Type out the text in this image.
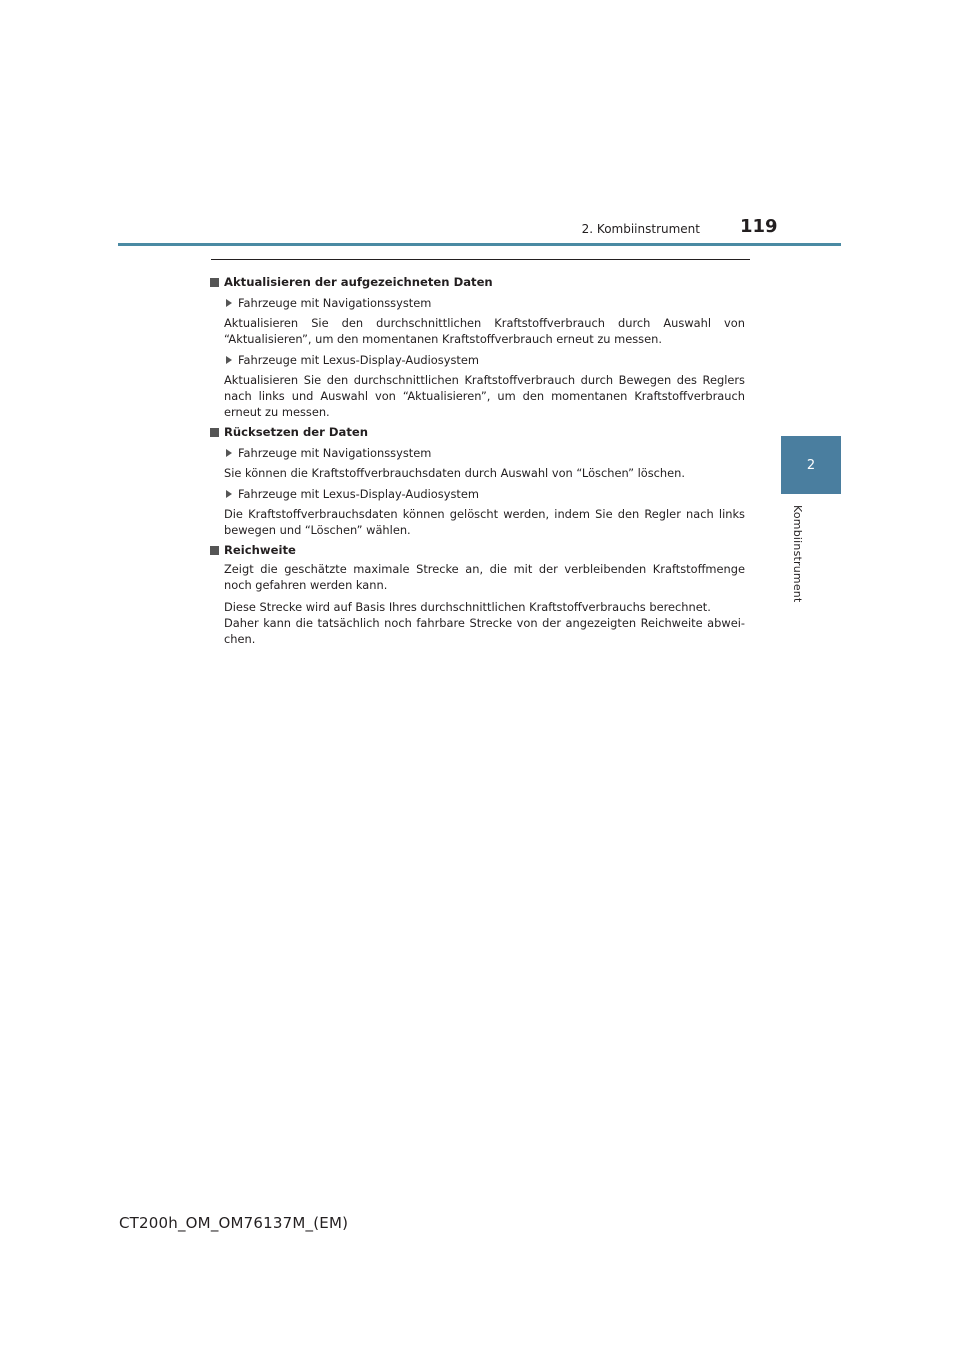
2. Kombiinstrument 119
2
Kombiinstrument
Aktualisieren der aufgezeichneten Daten
Fahrzeuge mit Navigationssystem
Aktualisieren Sie den durchschnittlichen Kraftstoffverbrauch durch Auswahl von “Aktualisieren”, um den momentanen Kraftstoffverbrauch erneut zu messen.
Fahrzeuge mit Lexus-Display-Audiosystem
Aktualisieren Sie den durchschnittlichen Kraftstoffverbrauch durch Bewegen des Reglers nach links und Auswahl von “Aktualisieren”, um den momentanen Kraftstoffverbrauch erneut zu messen.
Rücksetzen der Daten
Fahrzeuge mit Navigationssystem
Sie können die Kraftstoffverbrauchsdaten durch Auswahl von “Löschen” löschen.
Fahrzeuge mit Lexus-Display-Audiosystem
Die Kraftstoffverbrauchsdaten können gelöscht werden, indem Sie den Regler nach links bewegen und “Löschen” wählen.
Reichweite
Zeigt die geschätzte maximale Strecke an, die mit der verbleibenden Kraftstoffmenge noch gefahren werden kann.
Diese Strecke wird auf Basis Ihres durchschnittlichen Kraftstoffverbrauchs berechnet.
Daher kann die tatsächlich noch fahrbare Strecke von der angezeigten Reichweite abwei-chen.
CT200h_OM_OM76137M_(EM)
